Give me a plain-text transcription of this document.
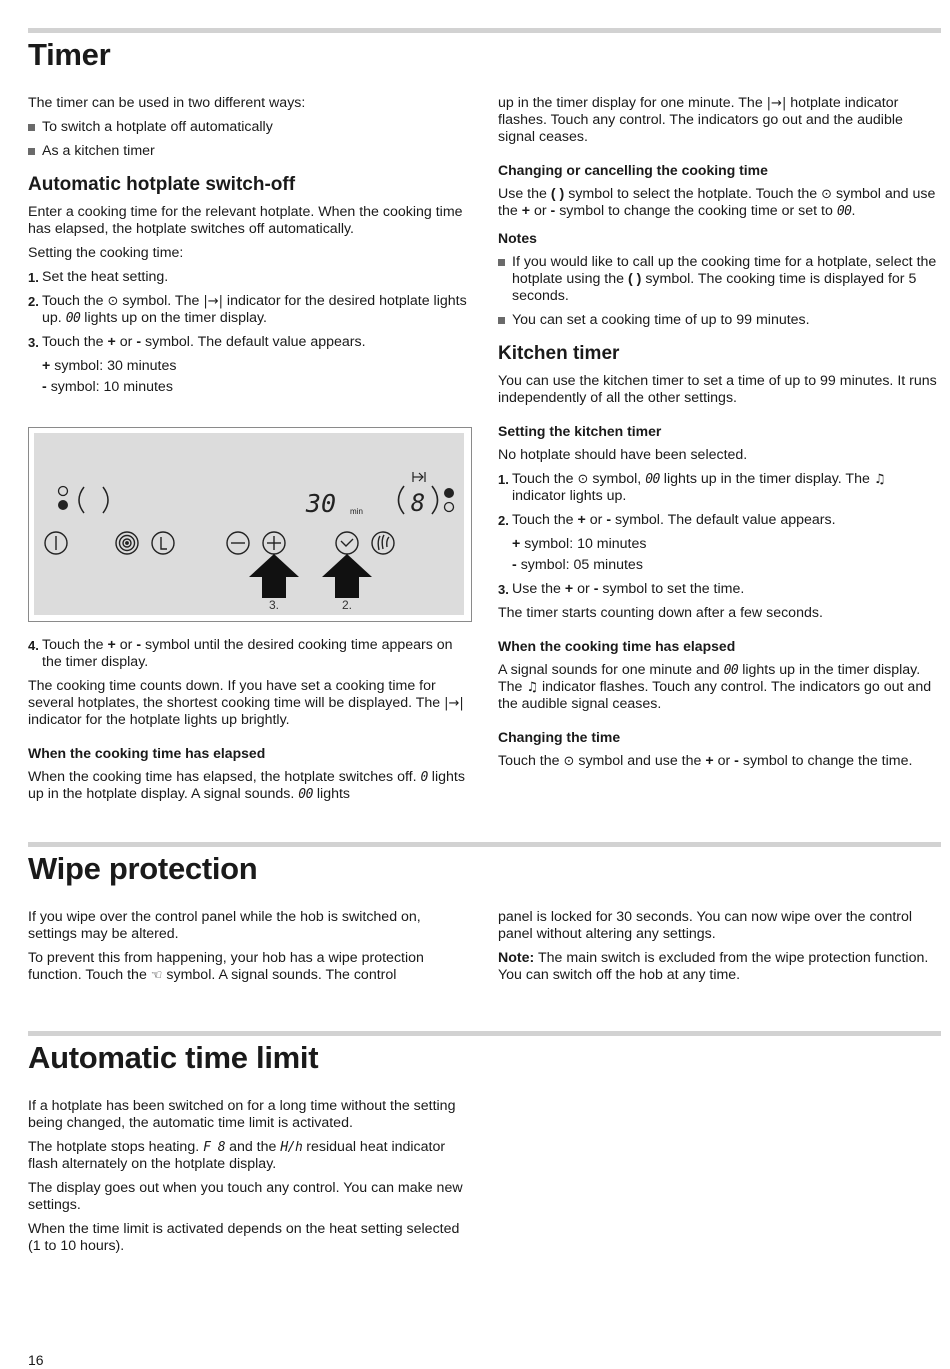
Timer

The timer can be used in two different ways:

To switch a hotplate off automatically
As a kitchen timer
Automatic hotplate switch-off

Enter a cooking time for the relevant hotplate. When the cooking time has elapsed, the hotplate switches off automatically.

Setting the cooking time:

1. Set the heat setting.
2. Touch the ⊙ symbol. The |→| indicator for the desired hotplate lights up. 00 lights up on the timer display.
3. Touch the + or - symbol. The default value appears.
+ symbol: 30 minutes
- symbol: 10 minutes
30 min 8
3.	2.
4. Touch the + or - symbol until the desired cooking time appears on the timer display.

The cooking time counts down. If you have set a cooking time for several hotplates, the shortest cooking time will be displayed. The |→| indicator for the hotplate lights up brightly.

When the cooking time has elapsed

When the cooking time has elapsed, the hotplate switches off. 0 lights up in the hotplate display. A signal sounds. 00 lights

up in the timer display for one minute. The |→| hotplate indicator flashes. Touch any control. The indicators go out and the audible signal ceases.

Changing or cancelling the cooking time

Use the ( ) symbol to select the hotplate. Touch the ⊙ symbol and use the + or - symbol to change the cooking time or set to 00.

Notes
If you would like to call up the cooking time for a hotplate, select the hotplate using the ( ) symbol. The cooking time is displayed for 5 seconds.
You can set a cooking time of up to 99 minutes.
Kitchen timer

You can use the kitchen timer to set a time of up to 99 minutes. It runs independently of all the other settings.

Setting the kitchen timer

No hotplate should have been selected.

1. Touch the ⊙ symbol, 00 lights up in the timer display. The ♫ indicator lights up.
2. Touch the + or - symbol. The default value appears.
+ symbol: 10 minutes
- symbol: 05 minutes
3. Use the + or - symbol to set the time.

The timer starts counting down after a few seconds.

When the cooking time has elapsed

A signal sounds for one minute and 00 lights up in the timer display. The ♫ indicator flashes. Touch any control. The indicators go out and the audible signal ceases.

Changing the time

Touch the ⊙ symbol and use the + or - symbol to change the time.

Wipe protection

If you wipe over the control panel while the hob is switched on, settings may be altered.

To prevent this from happening, your hob has a wipe protection function. Touch the ☜ symbol. A signal sounds. The control

panel is locked for 30 seconds. You can now wipe over the control panel without altering any settings.

Note: The main switch is excluded from the wipe protection function. You can switch off the hob at any time.

Automatic time limit

If a hotplate has been switched on for a long time without the setting being changed, the automatic time limit is activated.

The hotplate stops heating. F 8 and the H/h residual heat indicator flash alternately on the hotplate display.

The display goes out when you touch any control. You can make new settings.

When the time limit is activated depends on the heat setting selected (1 to 10 hours).

16
